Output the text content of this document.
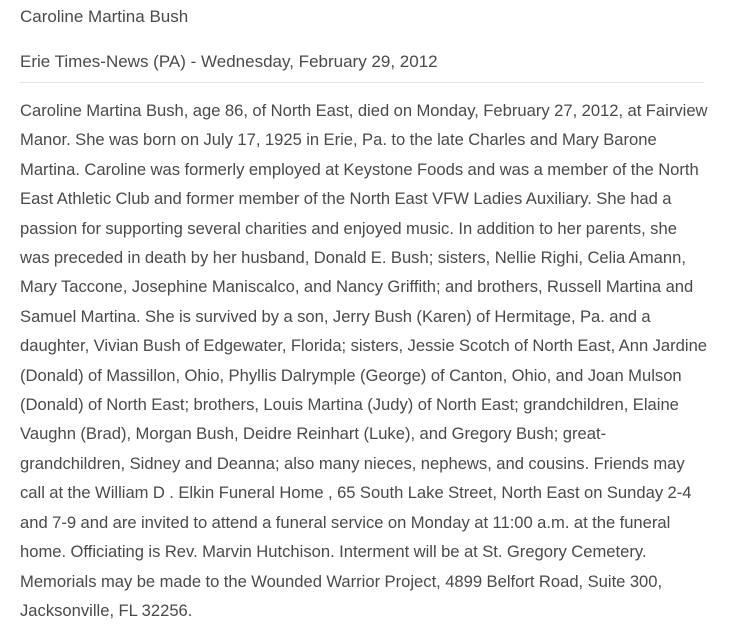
Caroline Martina Bush
Erie Times-News (PA) - Wednesday, February 29, 2012

Caroline Martina Bush, age 86, of North East, died on Monday, February 27, 2012, at Fairview Manor. She was born on July 17, 1925 in Erie, Pa. to the late Charles and Mary Barone Martina. Caroline was formerly employed at Keystone Foods and was a member of the North East Athletic Club and former member of the North East VFW Ladies Auxiliary. She had a passion for supporting several charities and enjoyed music. In addition to her parents, she was preceded in death by her husband, Donald E. Bush; sisters, Nellie Righi, Celia Amann, Mary Taccone, Josephine Maniscalco, and Nancy Griffith; and brothers, Russell Martina and Samuel Martina. She is survived by a son, Jerry Bush (Karen) of Hermitage, Pa. and a daughter, Vivian Bush of Edgewater, Florida; sisters, Jessie Scotch of North East, Ann Jardine (Donald) of Massillon, Ohio, Phyllis Dalrymple (George) of Canton, Ohio, and Joan Mulson (Donald) of North East; brothers, Louis Martina (Judy) of North East; grandchildren, Elaine Vaughn (Brad), Morgan Bush, Deidre Reinhart (Luke), and Gregory Bush; great-grandchildren, Sidney and Deanna; also many nieces, nephews, and cousins. Friends may call at the William D . Elkin Funeral Home , 65 South Lake Street, North East on Sunday 2-4 and 7-9 and are invited to attend a funeral service on Monday at 11:00 a.m. at the funeral home. Officiating is Rev. Marvin Hutchison. Interment will be at St. Gregory Cemetery. Memorials may be made to the Wounded Warrior Project, 4899 Belfort Road, Suite 300, Jacksonville, FL 32256.
